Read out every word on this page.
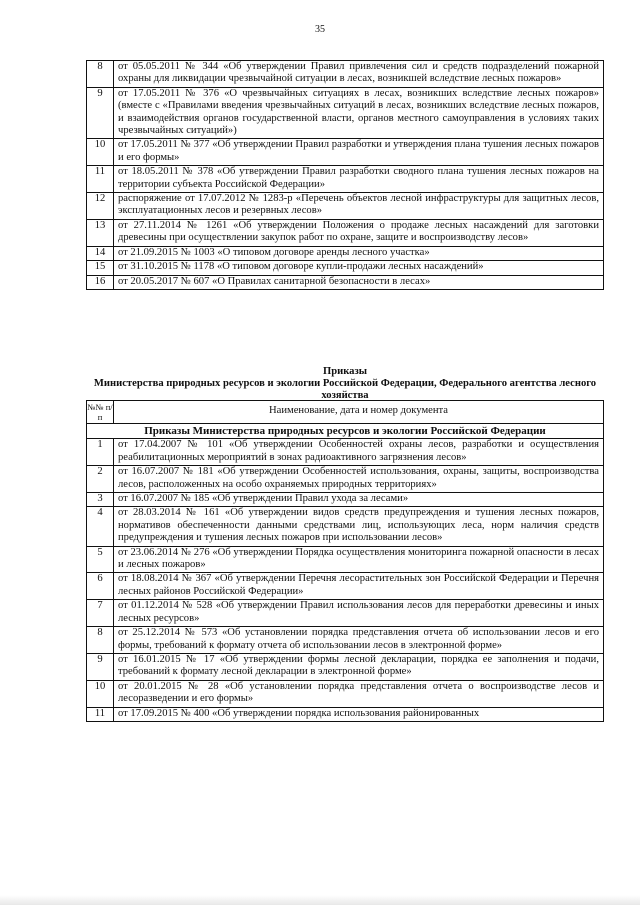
35
8	от 05.05.2011 № 344 «Об утверждении Правил привлечения сил и средств подразделений пожарной охраны для ликвидации чрезвычайной ситуации в лесах, возникшей вследствие лесных пожаров»
9	от 17.05.2011 № 376 «О чрезвычайных ситуациях в лесах, возникших вследствие лесных пожаров» (вместе с «Правилами введения чрезвычайных ситуаций в лесах, возникших вследствие лесных пожаров, и взаимодействия органов государственной власти, органов местного самоуправления в условиях таких чрезвычайных ситуаций»)
10	от 17.05.2011 № 377 «Об утверждении Правил разработки и утверждения плана тушения лесных пожаров и его формы»
11	от 18.05.2011 № 378 «Об утверждении Правил разработки сводного плана тушения лесных пожаров на территории субъекта Российской Федерации»
12	распоряжение от 17.07.2012 № 1283-р «Перечень объектов лесной инфраструктуры для защитных лесов, эксплуатационных лесов и резервных лесов»
13	от 27.11.2014 № 1261 «Об утверждении Положения о продаже лесных насаждений для заготовки древесины при осуществлении закупок работ по охране, защите и воспроизводству лесов»
14	от 21.09.2015 № 1003 «О типовом договоре аренды лесного участка»
15	от 31.10.2015 № 1178 «О типовом договоре купли-продажи лесных насаждений»
16	от 20.05.2017 № 607 «О Правилах санитарной безопасности в лесах»
Приказы
Министерства природных ресурсов и экологии Российской Федерации, Федерального агентства лесного хозяйства
№№ п/п	Наименование, дата и номер документа
Приказы Министерства природных ресурсов и экологии Российской Федерации	
1	от 17.04.2007 № 101 «Об утверждении Особенностей охраны лесов, разработки и осуществления реабилитационных мероприятий в зонах радиоактивного загрязнения лесов»
2	от 16.07.2007 № 181 «Об утверждении Особенностей использования, охраны, защиты, воспроизводства лесов, расположенных на особо охраняемых природных территориях»
3	от 16.07.2007 № 185 «Об утверждении Правил ухода за лесами»
4	от 28.03.2014 № 161 «Об утверждении видов средств предупреждения и тушения лесных пожаров, нормативов обеспеченности данными средствами лиц, использующих леса, норм наличия средств предупреждения и тушения лесных пожаров при использовании лесов»
5	от 23.06.2014 № 276 «Об утверждении Порядка осуществления мониторинга пожарной опасности в лесах и лесных пожаров»
6	от 18.08.2014 № 367 «Об утверждении Перечня лесорастительных зон Российской Федерации и Перечня лесных районов Российской Федерации»
7	от 01.12.2014 № 528 «Об утверждении Правил использования лесов для переработки древесины и иных лесных ресурсов»
8	от 25.12.2014 № 573 «Об установлении порядка представления отчета об использовании лесов и его формы, требований к формату отчета об использовании лесов в электронной форме»
9	от 16.01.2015 № 17 «Об утверждении формы лесной декларации, порядка ее заполнения и подачи, требований к формату лесной декларации в электронной форме»
10	от 20.01.2015 № 28 «Об установлении порядка представления отчета о воспроизводстве лесов и лесоразведении и его формы»
11	от 17.09.2015 № 400 «Об утверждении порядка использования районированных
